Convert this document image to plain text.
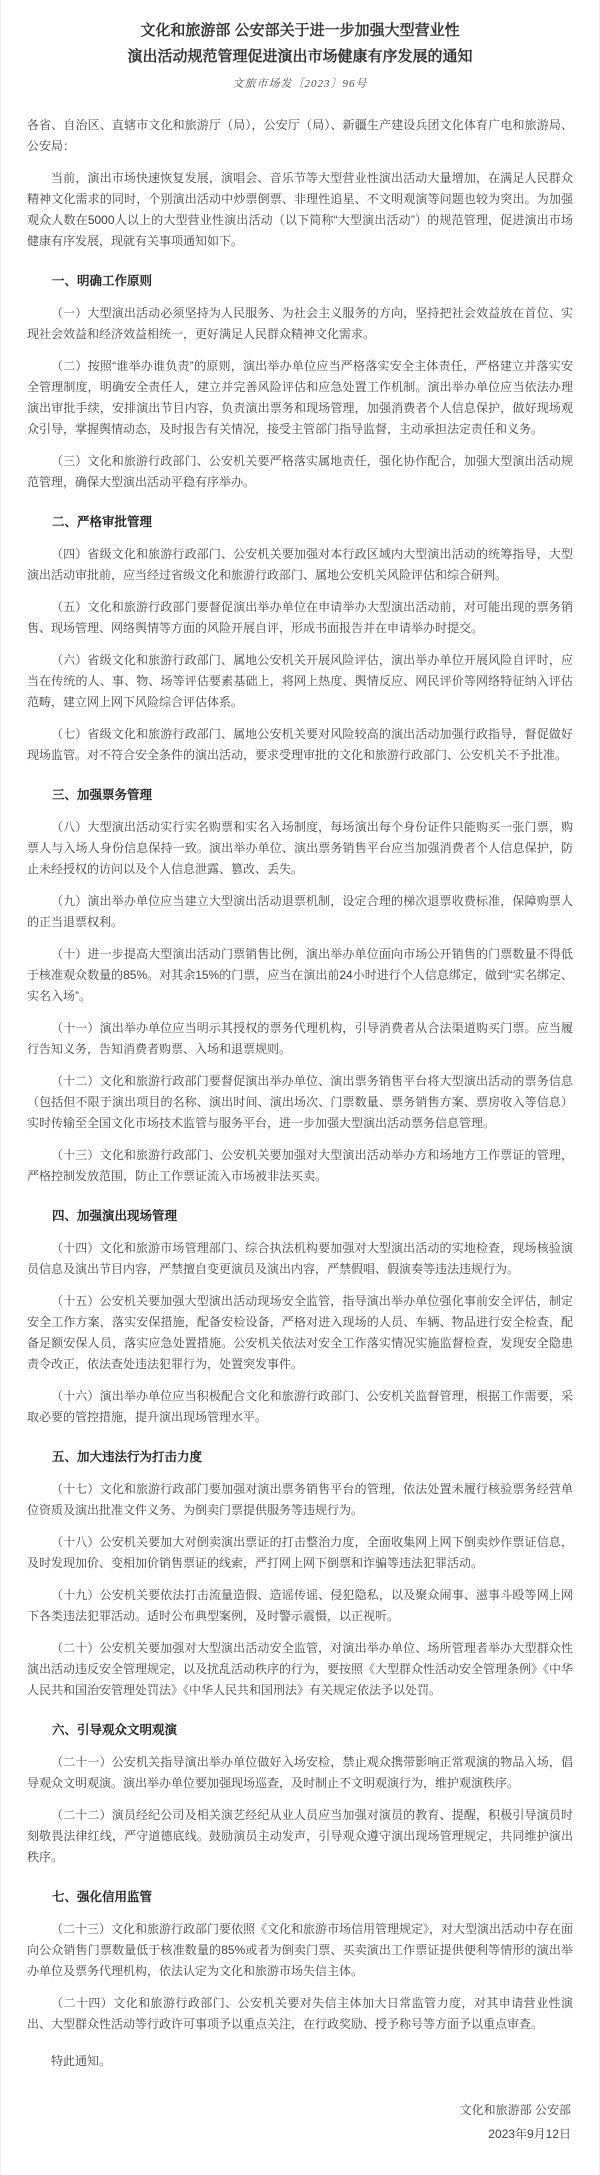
文化和旅游部 公安部关于进一步加强大型营业性
演出活动规范管理促进演出市场健康有序发展的通知
文旅市场发〔2023〕96号

各省、自治区、直辖市文化和旅游厅（局），公安厅（局）、新疆生产建设兵团文化体育广电和旅游局、公安局：

当前，演出市场快速恢复发展，演唱会、音乐节等大型营业性演出活动大量增加，在满足人民群众精神文化需求的同时，个别演出活动中炒票倒票、非理性追星、不文明观演等问题也较为突出。为加强观众人数在5000人以上的大型营业性演出活动（以下简称“大型演出活动”）的规范管理，促进演出市场健康有序发展，现就有关事项通知如下。

一、明确工作原则

（一）大型演出活动必须坚持为人民服务、为社会主义服务的方向，坚持把社会效益放在首位、实现社会效益和经济效益相统一，更好满足人民群众精神文化需求。

（二）按照“谁举办谁负责”的原则，演出举办单位应当严格落实安全主体责任，严格建立并落实安全管理制度，明确安全责任人，建立并完善风险评估和应急处置工作机制。演出举办单位应当依法办理演出审批手续，安排演出节目内容，负责演出票务和现场管理，加强消费者个人信息保护，做好现场观众引导，掌握舆情动态，及时报告有关情况，接受主管部门指导监督，主动承担法定责任和义务。

（三）文化和旅游行政部门、公安机关要严格落实属地责任，强化协作配合，加强大型演出活动规范管理，确保大型演出活动平稳有序举办。

二、严格审批管理

（四）省级文化和旅游行政部门、公安机关要加强对本行政区域内大型演出活动的统筹指导，大型演出活动审批前，应当经过省级文化和旅游行政部门、属地公安机关风险评估和综合研判。

（五）文化和旅游行政部门要督促演出举办单位在申请举办大型演出活动前，对可能出现的票务销售、现场管理、网络舆情等方面的风险开展自评，形成书面报告并在申请举办时提交。

（六）省级文化和旅游行政部门、属地公安机关开展风险评估，演出举办单位开展风险自评时，应当在传统的人、事、物、场等评估要素基础上，将网上热度、舆情反应、网民评价等网络特征纳入评估范畴，建立网上网下风险综合评估体系。

（七）省级文化和旅游行政部门、属地公安机关要对风险较高的演出活动加强行政指导，督促做好现场监管。对不符合安全条件的演出活动，要求受理审批的文化和旅游行政部门、公安机关不予批准。

三、加强票务管理

（八）大型演出活动实行实名购票和实名入场制度，每场演出每个身份证件只能购买一张门票，购票人与入场人身份信息保持一致。演出举办单位、演出票务销售平台应当加强消费者个人信息保护，防止未经授权的访问以及个人信息泄露、篡改、丢失。

（九）演出举办单位应当建立大型演出活动退票机制，设定合理的梯次退票收费标准，保障购票人的正当退票权利。

（十）进一步提高大型演出活动门票销售比例，演出举办单位面向市场公开销售的门票数量不得低于核准观众数量的85%。对其余15%的门票，应当在演出前24小时进行个人信息绑定，做到“实名绑定、实名入场”。

（十一）演出举办单位应当明示其授权的票务代理机构，引导消费者从合法渠道购买门票。应当履行告知义务，告知消费者购票、入场和退票规则。

（十二）文化和旅游行政部门要督促演出举办单位、演出票务销售平台将大型演出活动的票务信息（包括但不限于演出项目的名称、演出时间、演出场次、门票数量、票务销售方案、票房收入等信息）实时传输至全国文化市场技术监管与服务平台，进一步加强大型演出活动票务信息管理。

（十三）文化和旅游行政部门、公安机关要加强对大型演出活动举办方和场地方工作票证的管理，严格控制发放范围，防止工作票证流入市场被非法买卖。

四、加强演出现场管理

（十四）文化和旅游市场管理部门、综合执法机构要加强对大型演出活动的实地检查，现场核验演员信息及演出节目内容，严禁擅自变更演员及演出内容，严禁假唱、假演奏等违法违规行为。

（十五）公安机关要加强大型演出活动现场安全监管，指导演出举办单位强化事前安全评估，制定安全工作方案，落实安保措施，配备安检设备，严格对进入现场的人员、车辆、物品进行安全检查，配备足额安保人员，落实应急处置措施。公安机关依法对安全工作落实情况实施监督检查，发现安全隐患责令改正，依法查处违法犯罪行为，处置突发事件。

（十六）演出举办单位应当积极配合文化和旅游行政部门、公安机关监督管理，根据工作需要，采取必要的管控措施，提升演出现场管理水平。

五、加大违法行为打击力度

（十七）文化和旅游行政部门要加强对演出票务销售平台的管理，依法处置未履行核验票务经营单位资质及演出批准文件义务、为倒卖门票提供服务等违规行为。

（十八）公安机关要加大对倒卖演出票证的打击整治力度，全面收集网上网下倒卖炒作票证信息，及时发现加价、变相加价销售票证的线索，严打网上网下倒票和诈骗等违法犯罪活动。

（十九）公安机关要依法打击流量造假、造谣传谣、侵犯隐私，以及聚众闹事、滋事斗殴等网上网下各类违法犯罪活动。适时公布典型案例，及时警示震慑，以正视听。

（二十）公安机关要加强对大型演出活动安全监管，对演出举办单位、场所管理者举办大型群众性演出活动违反安全管理规定，以及扰乱活动秩序的行为，要按照《大型群众性活动安全管理条例》《中华人民共和国治安管理处罚法》《中华人民共和国刑法》有关规定依法予以处罚。

六、引导观众文明观演

（二十一）公安机关指导演出举办单位做好入场安检，禁止观众携带影响正常观演的物品入场，倡导观众文明观演。演出举办单位要加强现场巡查，及时制止不文明观演行为，维护观演秩序。

（二十二）演员经纪公司及相关演艺经纪从业人员应当加强对演员的教育、提醒，积极引导演员时刻敬畏法律红线，严守道德底线。鼓励演员主动发声，引导观众遵守演出现场管理规定，共同维护演出秩序。

七、强化信用监管

（二十三）文化和旅游行政部门要依照《文化和旅游市场信用管理规定》，对大型演出活动中存在面向公众销售门票数量低于核准数量的85%或者为倒卖门票、买卖演出工作票证提供便利等情形的演出举办单位及票务代理机构，依法认定为文化和旅游市场失信主体。

（二十四）文化和旅游行政部门、公安机关要对失信主体加大日常监管力度，对其申请营业性演出、大型群众性活动等行政许可事项予以重点关注，在行政奖励、授予称号等方面予以重点审查。

特此通知。

文化和旅游部 公安部
2023年9月12日
